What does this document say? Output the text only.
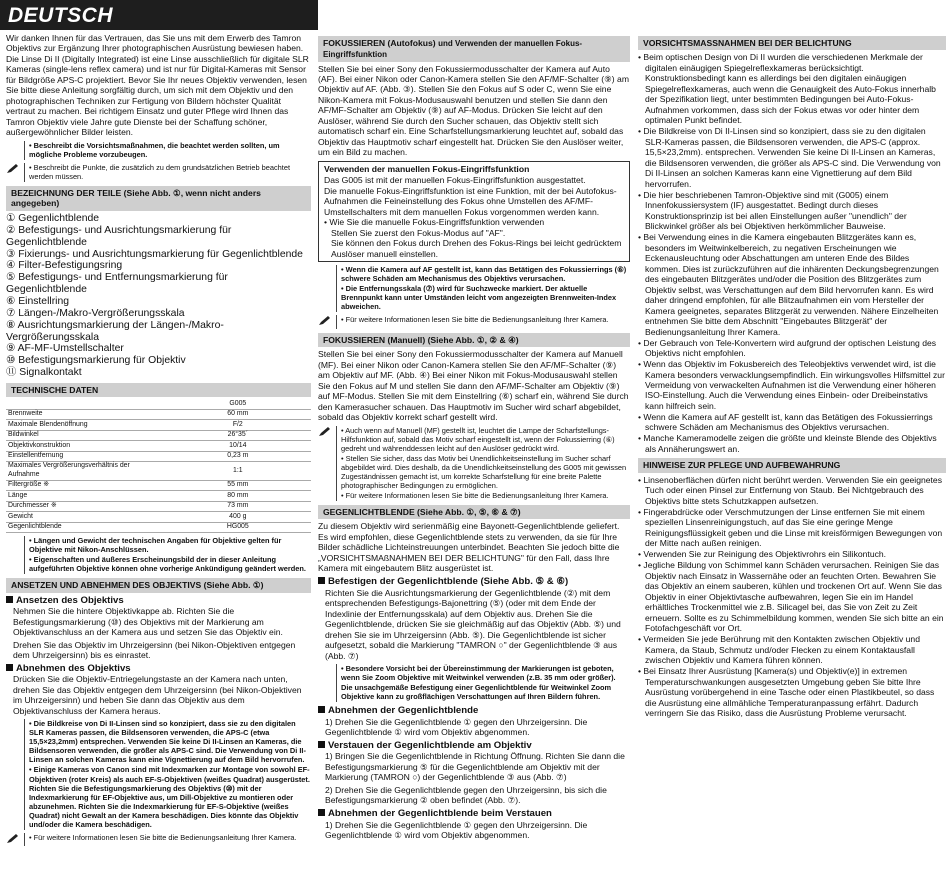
DEUTSCH

Wir danken Ihnen für das Vertrauen, das Sie uns mit dem Erwerb des Tamron Objektivs zur Ergänzung Ihrer photographischen Ausrüstung bewiesen haben. Die Linse Di II (Digitally Integrated) ist eine Linse ausschließlich für digitale SLR Kameras (single-lens reflex camera) und ist nur für Digital-Kameras mit Sensor für Bildgröße APS-C projektiert. Bevor Sie Ihr neues Objektiv verwenden, lesen Sie bitte diese Anleitung sorgfältig durch, um sich mit dem Objektiv und den photographischen Techniken zur Fertigung von Bildern höchster Qualität vertraut zu machen. Bei richtigem Einsatz und guter Pflege wird Ihnen das Tamron Objektiv viele Jahre gute Dienste bei der Schaffung schöner, außergewöhnlicher Bilder leisten.

• Beschreibt die Vorsichtsmaßnahmen, die beachtet werden sollten, um mögliche Probleme vorzubeugen.
• Beschreibt die Punkte, die zusätzlich zu dem grundsätzlichen Betrieb beachtet werden müssen.
BEZEICHNUNG DER TEILE (Siehe Abb. ①, wenn nicht anders angegeben)
① Gegenlichtblende
② Befestigungs- und Ausrichtungsmarkierung für Gegenlichtblende
③ Fixierungs- und Ausrichtungsmarkierung für Gegenlichtblende
④ Filter-Befestigungsring
⑤ Befestigungs- und Entfernungsmarkierung für Gegenlichtblende
⑥ Einstellring
⑦ Längen-/Makro-Vergrößerungsskala
⑧ Ausrichtungsmarkierung der Längen-/Makro-Vergrößerungsskala
⑨ AF-MF-Umstellschalter
⑩ Befestigungsmarkierung für Objektiv
⑪ Signalkontakt
TECHNISCHE DATEN
	G005
Brennweite	60 mm
Maximale Blendenöffnung	F/2
Bildwinkel	26°35´
Objektivkonstruktion	10/14
Einstellentfernung	0,23 m
Maximales Vergrößerungsverhältnis der Aufnahme	1:1
Filtergröße ※	55 mm
Länge	80 mm
Durchmesser ※	73 mm
Gewicht	400 g
Gegenlichtblende	HG005
• Längen und Gewicht der technischen Angaben für Objektive gelten für Objektive mit Nikon-Anschlüssen.
• Eigenschaften und äußeres Erscheinungsbild der in dieser Anleitung aufgeführten Objektive können ohne vorherige Ankündigung geändert werden.
ANSETZEN UND ABNEHMEN DES OBJEKTIVS (Siehe Abb. ①)
Ansetzen des Objektivs

Nehmen Sie die hintere Objektivkappe ab. Richten Sie die Befestigungsmarkierung (⑩) des Objektivs mit der Markierung am Objektivanschluss an der Kamera aus und setzen Sie das Objektiv ein.

Drehen Sie das Objektiv im Uhrzeigersinn (bei Nikon-Objektiven entgegen dem Uhrzeigersinn) bis es einrastet.

Abnehmen des Objektivs

Drücken Sie die Objektiv-Entriegelungstaste an der Kamera nach unten, drehen Sie das Objektiv entgegen dem Uhrzeigersinn (bei Nikon-Objektiven im Uhrzeigersinn) und heben Sie dann das Objektiv aus dem Objektivanschluss der Kamera heraus.

• Die Bildkreise von Di II-Linsen sind so konzipiert, dass sie zu den digitalen SLR Kameras passen, die Bildsensoren verwenden, die APS-C (etwa 15,5×23,2mm) entsprechen. Verwenden Sie keine Di II-Linsen an Kameras, die Bildsensoren verwenden, die größer als APS-C sind. Die Verwendung von Di II-Linsen an solchen Kameras kann eine Vignettierung auf dem Bild hervorrufen.
• Einige Kameras von Canon sind mit Indexmarken zur Montage von sowohl EF-Objektiven (roter Kreis) als auch EF-S-Objektiven (weißes Quadrat) ausgerüstet. Richten Sie die Befestigungsmarkierung des Objektivs (⑩) mit der Indexmarkierung für EF-Objektive aus, um Dill-Objektive zu montieren oder abzunehmen. Richten Sie die Indexmarkierung für EF-S-Objektive (weißes Quadrat) nicht Gewalt an der Kamera beschädigen. Dies könnte das Objektiv und/oder die Kamera beschädigen.
• Für weitere Informationen lesen Sie bitte die Bedienungsanleitung Ihrer Kamera.
FOKUSSIEREN (Autofokus) und Verwenden der manuellen Fokus-Eingriffsfunktion

Stellen Sie bei einer Sony den Fokussiermodusschalter der Kamera auf Auto (AF). Bei einer Nikon oder Canon-Kamera stellen Sie den AF/MF-Schalter (⑨) am Objektiv auf AF. (Abb. ③). Stellen Sie den Fokus auf S oder C, wenn Sie eine Nikon-Kamera mit Fokus-Modusauswahl benutzen und stellen Sie dann den AF/MF-Schalter am Objektiv (⑨) auf AF-Modus. Drücken Sie leicht auf den Auslöser, während Sie durch den Sucher schauen, das Objektiv stellt sich automatisch scharf ein. Eine Scharfstellungsmarkierung leuchtet auf, sobald das Objektiv das Hauptmotiv scharf eingestellt hat. Drücken Sie den Auslöser weiter, um ein Bild zu machen.

Verwenden der manuellen Fokus-Eingriffsfunktion
Das G005 ist mit der manuellen Fokus-Eingriffsfunktion ausgestattet.
Die manuelle Fokus-Eingriffsfunktion ist eine Funktion, mit der bei Autofokus-Aufnahmen die Feineinstellung des Fokus ohne Umstellen des AF/MF-Umstellschalters mit dem manuellen Fokus vorgenommen werden kann.
• Wie Sie die manuelle Fokus-Eingriffsfunktion verwenden
Stellen Sie zuerst den Fokus-Modus auf "AF".
Sie können den Fokus durch Drehen des Fokus-Rings bei leicht gedrücktem Auslöser manuell einstellen.
• Wenn die Kamera auf AF gestellt ist, kann das Betätigen des Fokussierrings (⑥) schwere Schäden am Mechanismus des Objektivs verursachen.
• Die Entfernungsskala (⑦) wird für Suchzwecke markiert. Der aktuelle Brennpunkt kann unter Umständen leicht vom angezeigten Brennweiten-Index abweichen.
• Für weitere Informationen lesen Sie bitte die Bedienungsanleitung Ihrer Kamera.
FOKUSSIEREN (Manuell) (Siehe Abb. ①, ② & ④)

Stellen Sie bei einer Sony den Fokussiermodusschalter der Kamera auf Manuell (MF). Bei einer Nikon oder Canon-Kamera stellen Sie den AF/MF-Schalter (⑨) am Objektiv auf MF. (Abb. ④) Bei einer Nikon mit Fokus-Modusauswahl stellen Sie den Fokus auf M und stellen Sie dann den AF/MF-Schalter am Objektiv (⑨) auf MF-Modus. Stellen Sie mit dem Einstellring (⑥) scharf ein, während Sie durch den Kamerasucher schauen. Das Hauptmotiv im Sucher wird scharf abgebildet, sobald das Objektiv korrekt scharf gestellt wird.

• Auch wenn auf Manuell (MF) gestellt ist, leuchtet die Lampe der Scharfstellungs-Hilfsfunktion auf, sobald das Motiv scharf eingestellt ist, wenn der Fokussierring (⑥) gedreht und währenddessen leicht auf den Auslöser gedrückt wird.
• Stellen Sie sicher, dass das Motiv bei Unendlichkeitseinstellung im Sucher scharf abgebildet wird. Dies deshalb, da die Unendlichkeitseinstellung des G005 mit gewissen Zugeständnissen gemacht ist, um korrekte Scharfstellung für eine breite Palette photographischer Bedingungen zu ermöglichen.
• Für weitere Informationen lesen Sie bitte die Bedienungsanleitung Ihrer Kamera.
GEGENLICHTBLENDE (Siehe Abb. ①, ⑤, ⑥ & ⑦)

Zu diesem Objektiv wird serienmäßig eine Bayonett-Gegenlichtblende geliefert. Es wird empfohlen, diese Gegenlichtblende stets zu verwenden, da sie für Ihre Bilder schädliche Lichteinstreuungen unterbindet. Beachten Sie jedoch bitte die „VORSICHTSMAßNAHMEN BEI DER BELICHTUNG" für den Fall, dass Ihre Kamera mit eingebautem Blitz ausgerüstet ist.

Befestigen der Gegenlichtblende (Siehe Abb. ⑤ & ⑥)

Richten Sie die Ausrichtungsmarkierung der Gegenlichtblende (②) mit dem entsprechenden Befestigungs-Bajonettring (⑤) (oder mit dem Ende der Indexlinie der Entfernungsskala) auf dem Objektiv aus. Drehen Sie die Gegenlichtblende, drücken Sie sie gleichmäßig auf das Objektiv (Abb. ⑤) und drehen Sie sie im Uhrzeigersinn (Abb. ⑤). Die Gegenlichtblende ist sicher aufgesetzt, sobald die Markierung "TAMRON ○" der Gegenlichtblende ③ aus (Abb. ⑦)

• Besondere Vorsicht bei der Übereinstimmung der Markierungen ist geboten, wenn Sie Zoom Objektive mit Weitwinkel verwenden (z.B. 35 mm oder größer).
Die unsachgemäße Befestigung einer Gegenlichtblende für Weitwinkel Zoom Objektive kann zu großflächigen Verschattungen auf Ihren Bildern führen.
Abnehmen der Gegenlichtblende

1) Drehen Sie die Gegenlichtblende ① gegen den Uhrzeigersinn. Die Gegenlichtblende ① wird vom Objektiv abgenommen.

Verstauen der Gegenlichtblende am Objektiv

1) Bringen Sie die Gegenlichtblende in Richtung Öffnung. Richten Sie dann die Befestigungsmarkierung ⑤ für die Gegenlichtblende am Objektiv mit der Markierung (TAMRON ○) der Gegenlichtblende ③ aus (Abb. ⑦)

2) Drehen Sie die Gegenlichtblende gegen den Uhrzeigersinn, bis sich die Befestigungsmarkierung ② oben befindet (Abb. ⑦).

Abnehmen der Gegenlichtblende beim Verstauen

1) Drehen Sie die Gegenlichtblende ① gegen den Uhrzeigersinn. Die Gegenlichtblende ① wird vom Objektiv abgenommen.

VORSICHTSMASSNAHMEN BEI DER BELICHTUNG
• Beim optischen Design von Di II wurden die verschiedenen Merkmale der digitalen einäugigen Spiegelreflexkameras berücksichtigt. Konstruktionsbedingt kann es allerdings bei den digitalen einäugigen Spiegelreflexkameras, auch wenn die Genauigkeit des Auto-Fokus innerhalb der Spezifikation liegt, unter bestimmten Bedingungen bei Auto-Fokus-Aufnahmen vorkommen, dass sich der Fokus etwas vor oder hinter dem optimalen Punkt befindet.
• Die Bildkreise von Di II-Linsen sind so konzipiert, dass sie zu den digitalen SLR-Kameras passen, die Bildsensoren verwenden, die APS-C (approx. 15,5×23,2mm). entsprechen. Verwenden Sie keine Di II-Linsen an Kameras, die Bildsensoren verwenden, die größer als APS-C sind. Die Verwendung von Di II-Linsen an solchen Kameras kann eine Vignettierung auf dem Bild hervorrufen.
• Die hier beschriebenen Tamron-Objektive sind mit (G005) einem Innenfokussiersystem (IF) ausgestattet. Bedingt durch dieses Konstruktionsprinzip ist bei allen Einstellungen außer "unendlich" der Blickwinkel größer als bei Objektiven herkömmlicher Bauweise.
• Bei Verwendung eines in die Kamera eingebauten Blitzgerätes kann es, besonders im Weitwinkelbereich, zu negativen Erscheinungen wie Eckenausleuchtung oder Abschattungen am unteren Ende des Bildes kommen. Dies ist zurückzuführen auf die inhärenten Deckungsbegrenzungen des eingebauten Blitzgerätes und/oder die Position des Blitzgerätes zum Objektiv selbst, was Verschattungen auf dem Bild hervorrufen kann. Es wird daher dringend empfohlen, für alle Blitzaufnahmen ein vom Hersteller der Kamera geeignetes, separates Blitzgerät zu verwenden. Nähere Einzelheiten entnehmen Sie bitte dem Abschnitt "Eingebautes Blitzgerät" der Bedienungsanleitung Ihrer Kamera.
• Der Gebrauch von Tele-Konvertern wird aufgrund der optischen Leistung des Objektivs nicht empfohlen.
• Wenn das Objektiv im Fokusbereich des Teleobjektivs verwendet wird, ist die Kamera besonders verwacklungsempfindlich. Ein wirkungsvolles Hilfsmittel zur Vermeidung von verwackelten Aufnahmen ist die Verwendung einer höheren ISO-Einstellung. Auch die Verwendung eines Einbein- oder Dreibeinstativs kann hilfreich sein.
• Wenn die Kamera auf AF gestellt ist, kann das Betätigen des Fokussierrings schwere Schäden am Mechanismus des Objektivs verursachen.
• Manche Kameramodelle zeigen die größte und kleinste Blende des Objektivs als Annäherungswert an.
HINWEISE ZUR PFLEGE UND AUFBEWAHRUNG
• Linsenoberflächen dürfen nicht berührt werden. Verwenden Sie ein geeignetes Tuch oder einen Pinsel zur Entfernung von Staub. Bei Nichtgebrauch des Objektivs bitte stets Schutzkappen aufsetzen.
• Fingerabdrücke oder Verschmutzungen der Linse entfernen Sie mit einem speziellen Linsenreinigungstuch, auf das Sie eine geringe Menge Reinigungsflüssigkeit geben und die Linse mit kreisförmigen Bewegungen von der Mitte nach außen reinigen.
• Verwenden Sie zur Reinigung des Objektivrohrs ein Silikontuch.
• Jegliche Bildung von Schimmel kann Schäden verursachen. Reinigen Sie das Objektiv nach Einsatz in Wassernähe oder an feuchten Orten. Bewahren Sie das Objektiv an einem sauberen, kühlen und trockenen Ort auf. Wenn Sie das Objektiv in einer Objektivtasche aufbewahren, legen Sie ein im Handel erhältliches Trockenmittel wie z.B. Silicagel bei, das Sie von Zeit zu Zeit erneuern. Sollte es zu Schimmelbildung kommen, wenden Sie sich bitte an ein Fotofachgeschäft vor Ort.
• Vermeiden Sie jede Berührung mit den Kontakten zwischen Objektiv und Kamera, da Staub, Schmutz und/oder Flecken zu einem Kontaktausfall zwischen Objektiv und Kamera führen können.
• Bei Einsatz Ihrer Ausrüstung [Kamera(s) und Objektiv(e)] in extremen Temperaturschwankungen ausgesetzten Umgebung geben Sie bitte Ihre Ausrüstung vorübergehend in eine Tasche oder einen Plastikbeutel, so dass die Ausrüstung eine allmähliche Temperaturanpassung erfährt. Dadurch verringern Sie das Risiko, dass die Ausrüstung Probleme verursacht.
